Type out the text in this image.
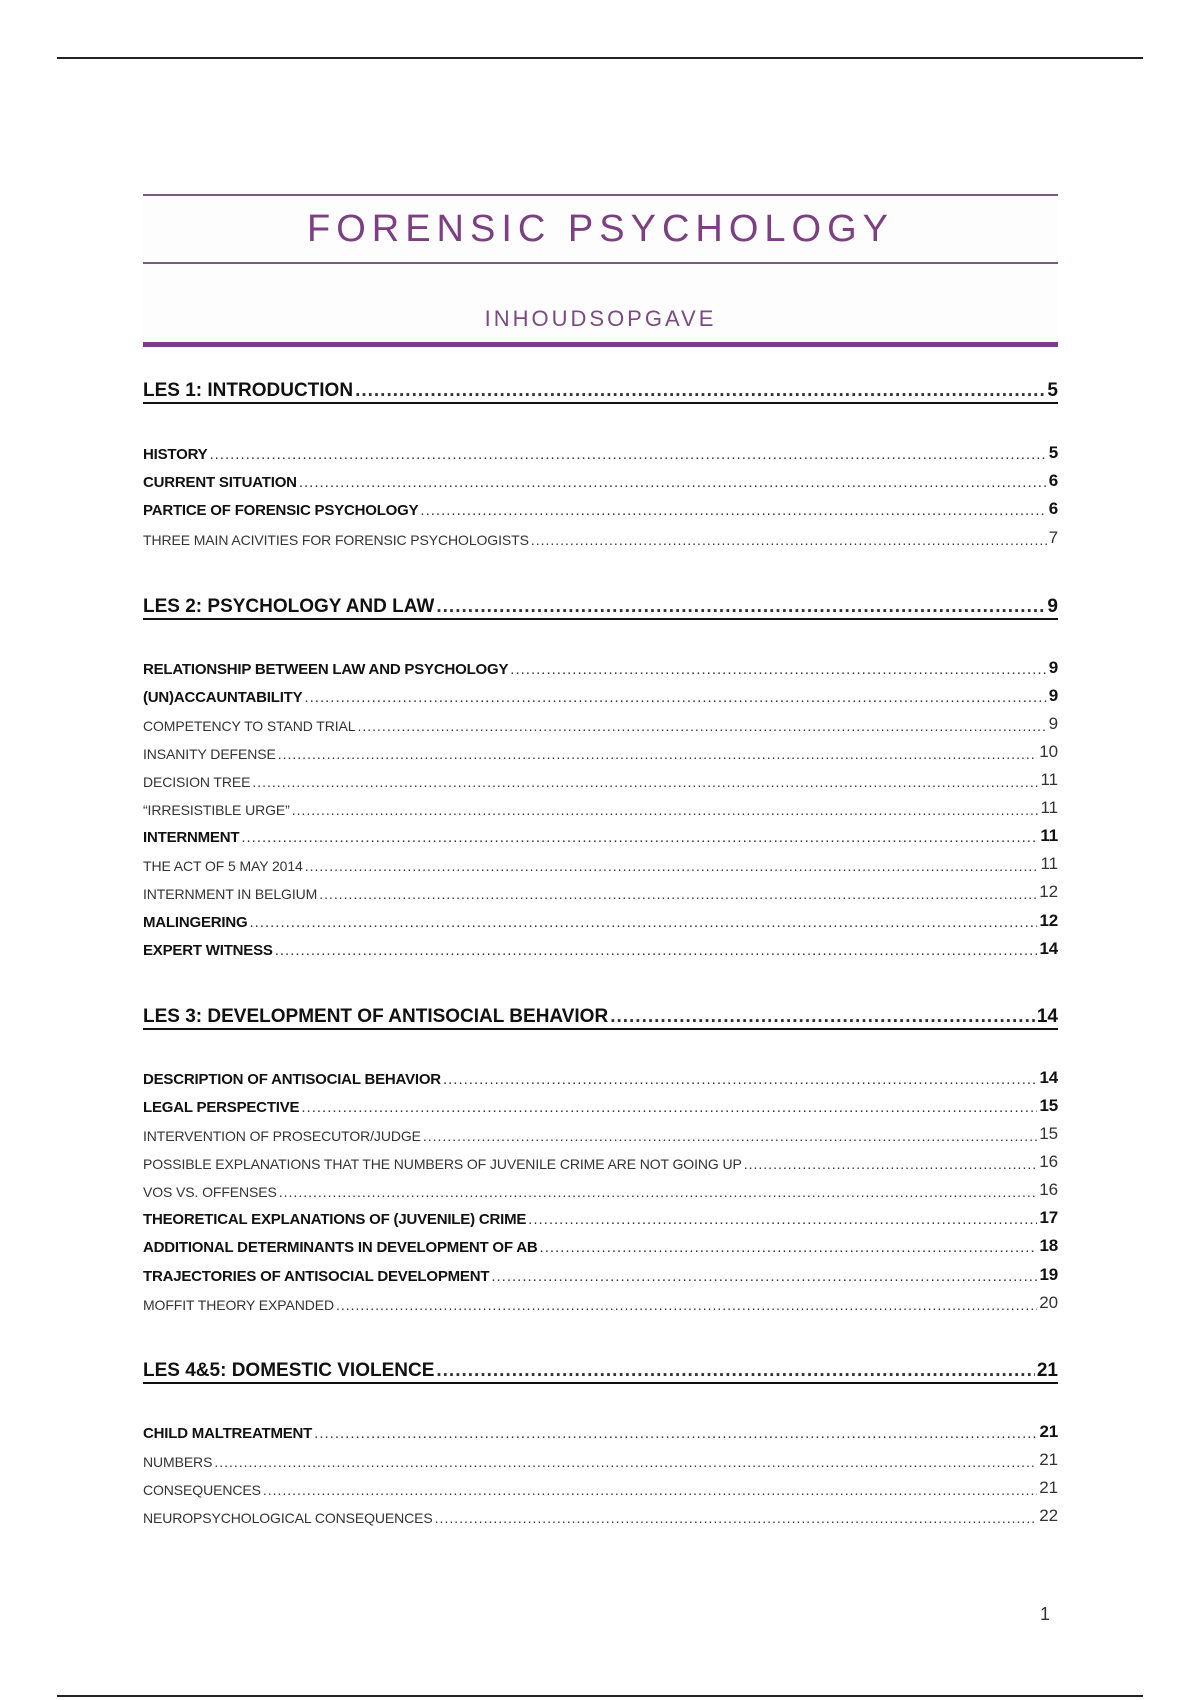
FORENSIC PSYCHOLOGY
INHOUDSOPGAVE
LES 1: INTRODUCTION .....	5
HISTORY .....	5
CURRENT SITUATION .....	6
PARTICE OF FORENSIC PSYCHOLOGY .....	6
THREE MAIN ACIVITIES FOR FORENSIC PSYCHOLOGISTS .....	7
LES 2: PSYCHOLOGY AND LAW .....	9
RELATIONSHIP BETWEEN LAW AND PSYCHOLOGY .....	9
(UN)ACCAUNTABILITY .....	9
COMPETENCY TO STAND TRIAL .....	9
INSANITY DEFENSE .....	10
DECISION TREE .....	11
“IRRESISTIBLE URGE” .....	11
INTERNMENT .....	11
THE ACT OF 5 MAY 2014 .....	11
INTERNMENT IN BELGIUM .....	12
MALINGERING .....	12
EXPERT WITNESS .....	14
LES 3: DEVELOPMENT OF ANTISOCIAL BEHAVIOR .....	14
DESCRIPTION OF ANTISOCIAL BEHAVIOR .....	14
LEGAL PERSPECTIVE .....	15
INTERVENTION OF PROSECUTOR/JUDGE .....	15
POSSIBLE EXPLANATIONS THAT THE NUMBERS OF JUVENILE CRIME ARE NOT GOING UP .....	16
VOS VS. OFFENSES .....	16
THEORETICAL EXPLANATIONS OF (JUVENILE) CRIME .....	17
ADDITIONAL DETERMINANTS IN DEVELOPMENT OF AB .....	18
TRAJECTORIES OF ANTISOCIAL DEVELOPMENT .....	19
MOFFIT THEORY EXPANDED .....	20
LES 4&5: DOMESTIC VIOLENCE .....	21
CHILD MALTREATMENT .....	21
NUMBERS .....	21
CONSEQUENCES .....	21
NEUROPSYCHOLOGICAL CONSEQUENCES .....	22
1
